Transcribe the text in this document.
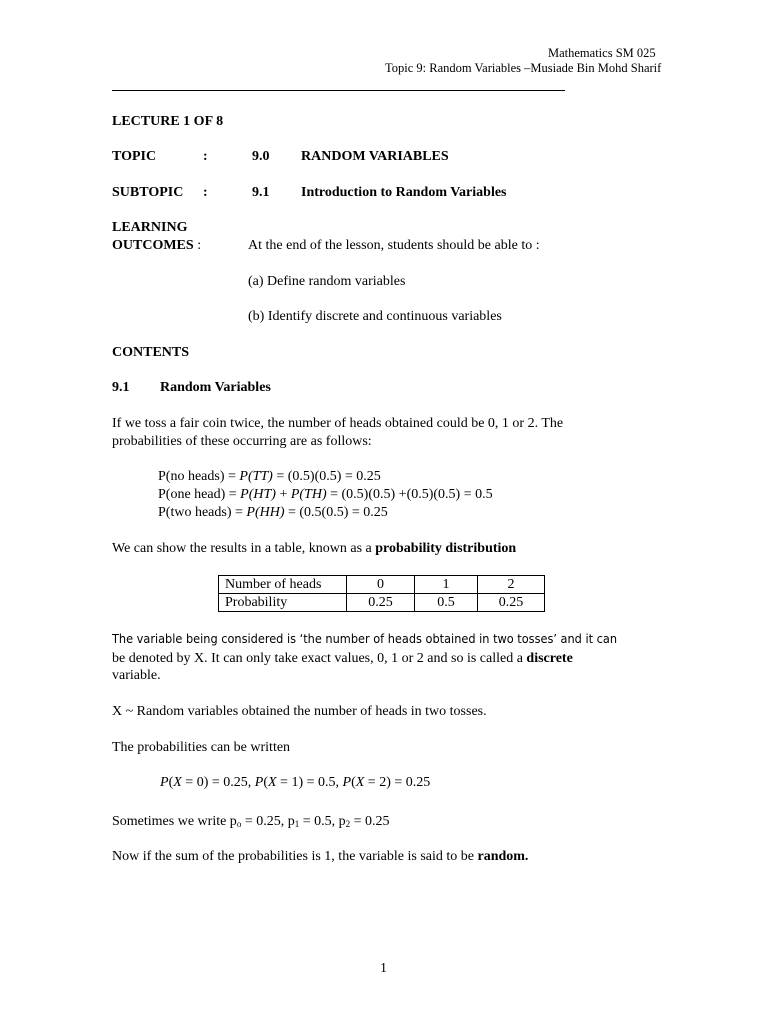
Mathematics SM 025
Topic 9: Random Variables –Musiade Bin Mohd Sharif
LECTURE 1 OF 8
TOPIC	:	9.0 RANDOM VARIABLES
SUBTOPIC :	9.1 Introduction to Random Variables
LEARNING
OUTCOMES :	At the end of the lesson, students should be able to :
(a) Define random variables
(b) Identify discrete and continuous variables
CONTENTS
9.1 Random Variables
If we toss a fair coin twice, the number of heads obtained could be 0, 1 or 2. The
probabilities of these occurring are as follows:
P(no heads) = P(TT) = (0.5)(0.5) = 0.25
P(one head) = P(HT) + P(TH) = (0.5)(0.5) +(0.5)(0.5) = 0.5
P(two heads) = P(HH) = (0.5(0.5) = 0.25
We can show the results in a table, known as a probability distribution
Number of heads	0	1	2
Probability	0.25	0.5	0.25
The variable being considered is ‘the number of heads obtained in two tosses’ and it can
be denoted by X. It can only take exact values, 0, 1 or 2 and so is called a discrete
variable.
X ~ Random variables obtained the number of heads in two tosses.
The probabilities can be written
P(X = 0) = 0.25, P(X = 1) = 0.5, P(X = 2) = 0.25
Sometimes we write $p_o = 0.25$, $p_1 = 0.5$, $p_2 = 0.25$
Now if the sum of the probabilities is 1, the variable is said to be random.
1
